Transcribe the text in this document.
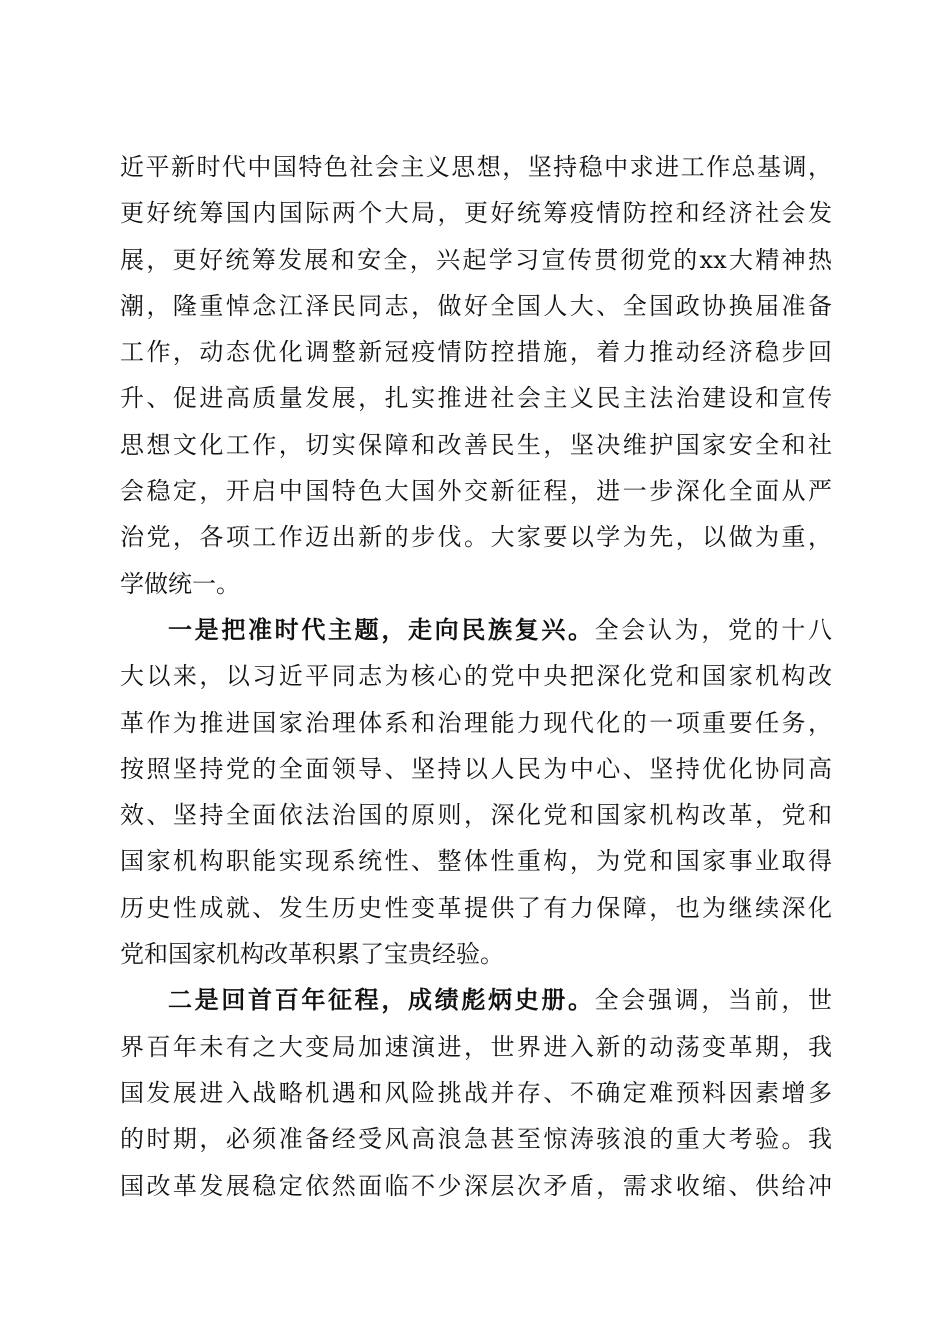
近平新时代中国特色社会主义思想，坚持稳中求进工作总基调，
更好统筹国内国际两个大局，更好统筹疫情防控和经济社会发
展，更好统筹发展和安全，兴起学习宣传贯彻党的xx大精神热
潮，隆重悼念江泽民同志，做好全国人大、全国政协换届准备
工作，动态优化调整新冠疫情防控措施，着力推动经济稳步回
升、促进高质量发展，扎实推进社会主义民主法治建设和宣传
思想文化工作，切实保障和改善民生，坚决维护国家安全和社
会稳定，开启中国特色大国外交新征程，进一步深化全面从严
治党，各项工作迈出新的步伐。大家要以学为先，以做为重，
学做统一。
一是把准时代主题，走向民族复兴。全会认为，党的十八
大以来，以习近平同志为核心的党中央把深化党和国家机构改
革作为推进国家治理体系和治理能力现代化的一项重要任务，
按照坚持党的全面领导、坚持以人民为中心、坚持优化协同高
效、坚持全面依法治国的原则，深化党和国家机构改革，党和
国家机构职能实现系统性、整体性重构，为党和国家事业取得
历史性成就、发生历史性变革提供了有力保障，也为继续深化
党和国家机构改革积累了宝贵经验。
二是回首百年征程，成绩彪炳史册。全会强调，当前，世
界百年未有之大变局加速演进，世界进入新的动荡变革期，我
国发展进入战略机遇和风险挑战并存、不确定难预料因素增多
的时期，必须准备经受风高浪急甚至惊涛骇浪的重大考验。我
国改革发展稳定依然面临不少深层次矛盾，需求收缩、供给冲
